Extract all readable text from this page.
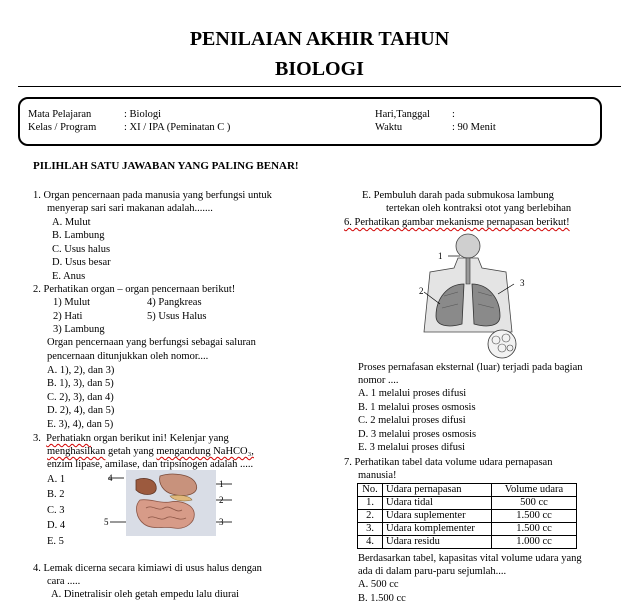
PENILAIAN AKHIR TAHUN
BIOLOGI
Mata Pelajaran	: Biologi
Kelas / Program	: XI / IPA (Peminatan C )
Hari,Tanggal :
Waktu	: 90 Menit
PILIHLAH SATU JAWABAN YANG PALING BENAR!
1. Organ pencernaan pada manusia yang berfungsi untuk
menyerap sari sari makanan adalah.......
A. Mulut
B. Lambung
C. Usus halus
D. Usus besar
E. Anus
2. Perhatikan organ – organ pencernaan berikut!
1) Mulut
2) Hati
3) Lambung
4) Pangkreas
5) Usus Halus
Organ pencernaan yang berfungsi sebagai saluran
pencernaan ditunjukkan oleh nomor....
A. 1), 2), dan 3)
B. 1), 3), dan 5)
C. 2), 3), dan 4)
D. 2), 4), dan 5)
E. 3), 4), dan 5)
3. Perhatiakn organ berikut ini! Kelenjar yang
menghasilkan getah yang mengandung NaHCO₃,
enzim lipase, amilase, dan tripsinogen adalah .....
A. 1
B. 2
C. 3
D. 4
E. 5
4
5
1
2
3
4. Lemak dicerna secara kimiawi di usus halus dengan
cara .....
A. Dinetralisir oleh getah empedu lalu diurai
E. Pembuluh darah pada submukosa lambung
tertekan oleh kontraksi otot yang berlebihan
6. Perhatikan gambar mekanisme pernapasan berikut!
1
2
3
Proses pernafasan eksternal (luar) terjadi pada bagian
nomor ....
A. 1 melalui proses difusi
B. 1 melalui proses osmosis
C. 2 melalui proses difusi
D. 3 melalui proses osmosis
E. 3 melalui proses difusi
7. Perhatikan tabel data volume udara pernapasan
manusia!
No.	Udara pernapasan	Volume udara
1.	Udara tidal	500 cc
2.	Udara suplementer	1.500 cc
3.	Udara komplementer	1.500 cc
4.	Udara residu	1.000 cc
Berdasarkan tabel, kapasitas vital volume udara yang
ada di dalam paru-paru sejumlah....
A. 500 cc
B. 1.500 cc
